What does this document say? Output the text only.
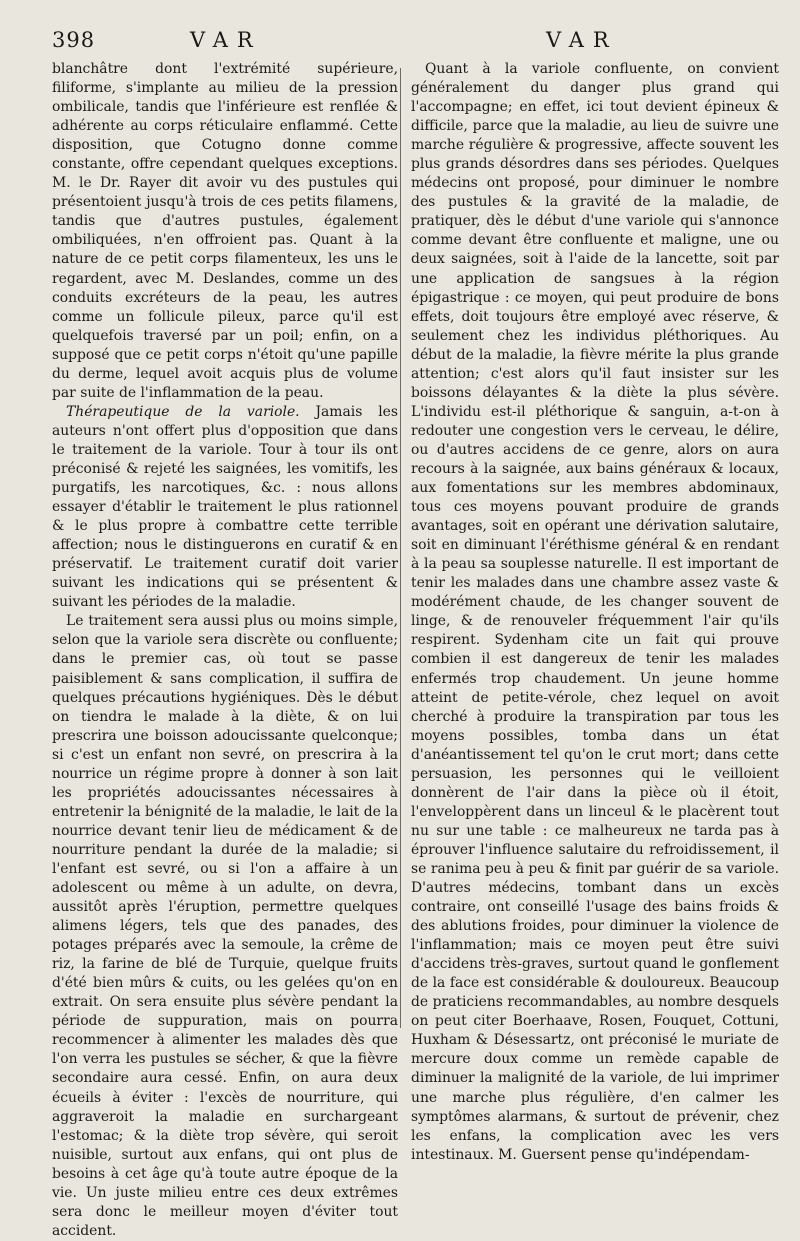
398	VAR	VAR

blanchâtre dont l'extrémité supérieure, filiforme, s'implante au milieu de la pression ombilicale, tandis que l'inférieure est renflée & adhérente au corps réticulaire enflammé. Cette disposition, que Cotugno donne comme constante, offre cependant quelques exceptions. M. le Dr. Rayer dit avoir vu des pustules qui présentoient jusqu'à trois de ces petits filamens, tandis que d'autres pustules, également ombiliquées, n'en offroient pas. Quant à la nature de ce petit corps filamenteux, les uns le regardent, avec M. Deslandes, comme un des conduits excréteurs de la peau, les autres comme un follicule pileux, parce qu'il est quelquefois traversé par un poil; enfin, on a supposé que ce petit corps n'étoit qu'une papille du derme, lequel avoit acquis plus de volume par suite de l'inflammation de la peau.

Thérapeutique de la variole. Jamais les auteurs n'ont offert plus d'opposition que dans le traitement de la variole. Tour à tour ils ont préconisé & rejeté les saignées, les vomitifs, les purgatifs, les narcotiques, &c. : nous allons essayer d'établir le traitement le plus rationnel & le plus propre à combattre cette terrible affection; nous le distinguerons en curatif & en préservatif. Le traitement curatif doit varier suivant les indications qui se présentent & suivant les périodes de la maladie.

Le traitement sera aussi plus ou moins simple, selon que la variole sera discrète ou confluente; dans le premier cas, où tout se passe paisiblement & sans complication, il suffira de quelques précautions hygiéniques. Dès le début on tiendra le malade à la diète, & on lui prescrira une boisson adoucissante quelconque; si c'est un enfant non sevré, on prescrira à la nourrice un régime propre à donner à son lait les propriétés adoucissantes nécessaires à entretenir la bénignité de la maladie, le lait de la nourrice devant tenir lieu de médicament & de nourriture pendant la durée de la maladie; si l'enfant est sevré, ou si l'on a affaire à un adolescent ou même à un adulte, on devra, aussitôt après l'éruption, permettre quelques alimens légers, tels que des panades, des potages préparés avec la semoule, la crême de riz, la farine de blé de Turquie, quelque fruits d'été bien mûrs & cuits, ou les gelées qu'on en extrait. On sera ensuite plus sévère pendant la période de suppuration, mais on pourra recommencer à alimenter les malades dès que l'on verra les pustules se sécher, & que la fièvre secondaire aura cessé. Enfin, on aura deux écueils à éviter : l'excès de nourriture, qui aggraveroit la maladie en surchargeant l'estomac; & la diète trop sévère, qui seroit nuisible, surtout aux enfans, qui ont plus de besoins à cet âge qu'à toute autre époque de la vie. Un juste milieu entre ces deux extrêmes sera donc le meilleur moyen d'éviter tout accident.

Quant à la variole confluente, on convient généralement du danger plus grand qui l'accompagne; en effet, ici tout devient épineux & difficile, parce que la maladie, au lieu de suivre une marche régulière & progressive, affecte souvent les plus grands désordres dans ses périodes. Quelques médecins ont proposé, pour diminuer le nombre des pustules & la gravité de la maladie, de pratiquer, dès le début d'une variole qui s'annonce comme devant être confluente et maligne, une ou deux saignées, soit à l'aide de la lancette, soit par une application de sangsues à la région épigastrique : ce moyen, qui peut produire de bons effets, doit toujours être employé avec réserve, & seulement chez les individus pléthoriques. Au début de la maladie, la fièvre mérite la plus grande attention; c'est alors qu'il faut insister sur les boissons délayantes & la diète la plus sévère. L'individu est-il pléthorique & sanguin, a-t-on à redouter une congestion vers le cerveau, le délire, ou d'autres accidens de ce genre, alors on aura recours à la saignée, aux bains généraux & locaux, aux fomentations sur les membres abdominaux, tous ces moyens pouvant produire de grands avantages, soit en opérant une dérivation salutaire, soit en diminuant l'éréthisme général & en rendant à la peau sa souplesse naturelle. Il est important de tenir les malades dans une chambre assez vaste & modérément chaude, de les changer souvent de linge, & de renouveler fréquemment l'air qu'ils respirent. Sydenham cite un fait qui prouve combien il est dangereux de tenir les malades enfermés trop chaudement. Un jeune homme atteint de petite-vérole, chez lequel on avoit cherché à produire la transpiration par tous les moyens possibles, tomba dans un état d'anéantissement tel qu'on le crut mort; dans cette persuasion, les personnes qui le veilloient donnèrent de l'air dans la pièce où il étoit, l'enveloppèrent dans un linceul & le placèrent tout nu sur une table : ce malheureux ne tarda pas à éprouver l'influence salutaire du refroidissement, il se ranima peu à peu & finit par guérir de sa variole. D'autres médecins, tombant dans un excès contraire, ont conseillé l'usage des bains froids & des ablutions froides, pour diminuer la violence de l'inflammation; mais ce moyen peut être suivi d'accidens très-graves, surtout quand le gonflement de la face est considérable & douloureux. Beaucoup de praticiens recommandables, au nombre desquels on peut citer Boerhaave, Rosen, Fouquet, Cottuni, Huxham & Désessartz, ont préconisé le muriate de mercure doux comme un remède capable de diminuer la malignité de la variole, de lui imprimer une marche plus régulière, d'en calmer les symptômes alarmans, & surtout de prévenir, chez les enfans, la complication avec les vers intestinaux. M. Guersent pense qu'indépendam-
